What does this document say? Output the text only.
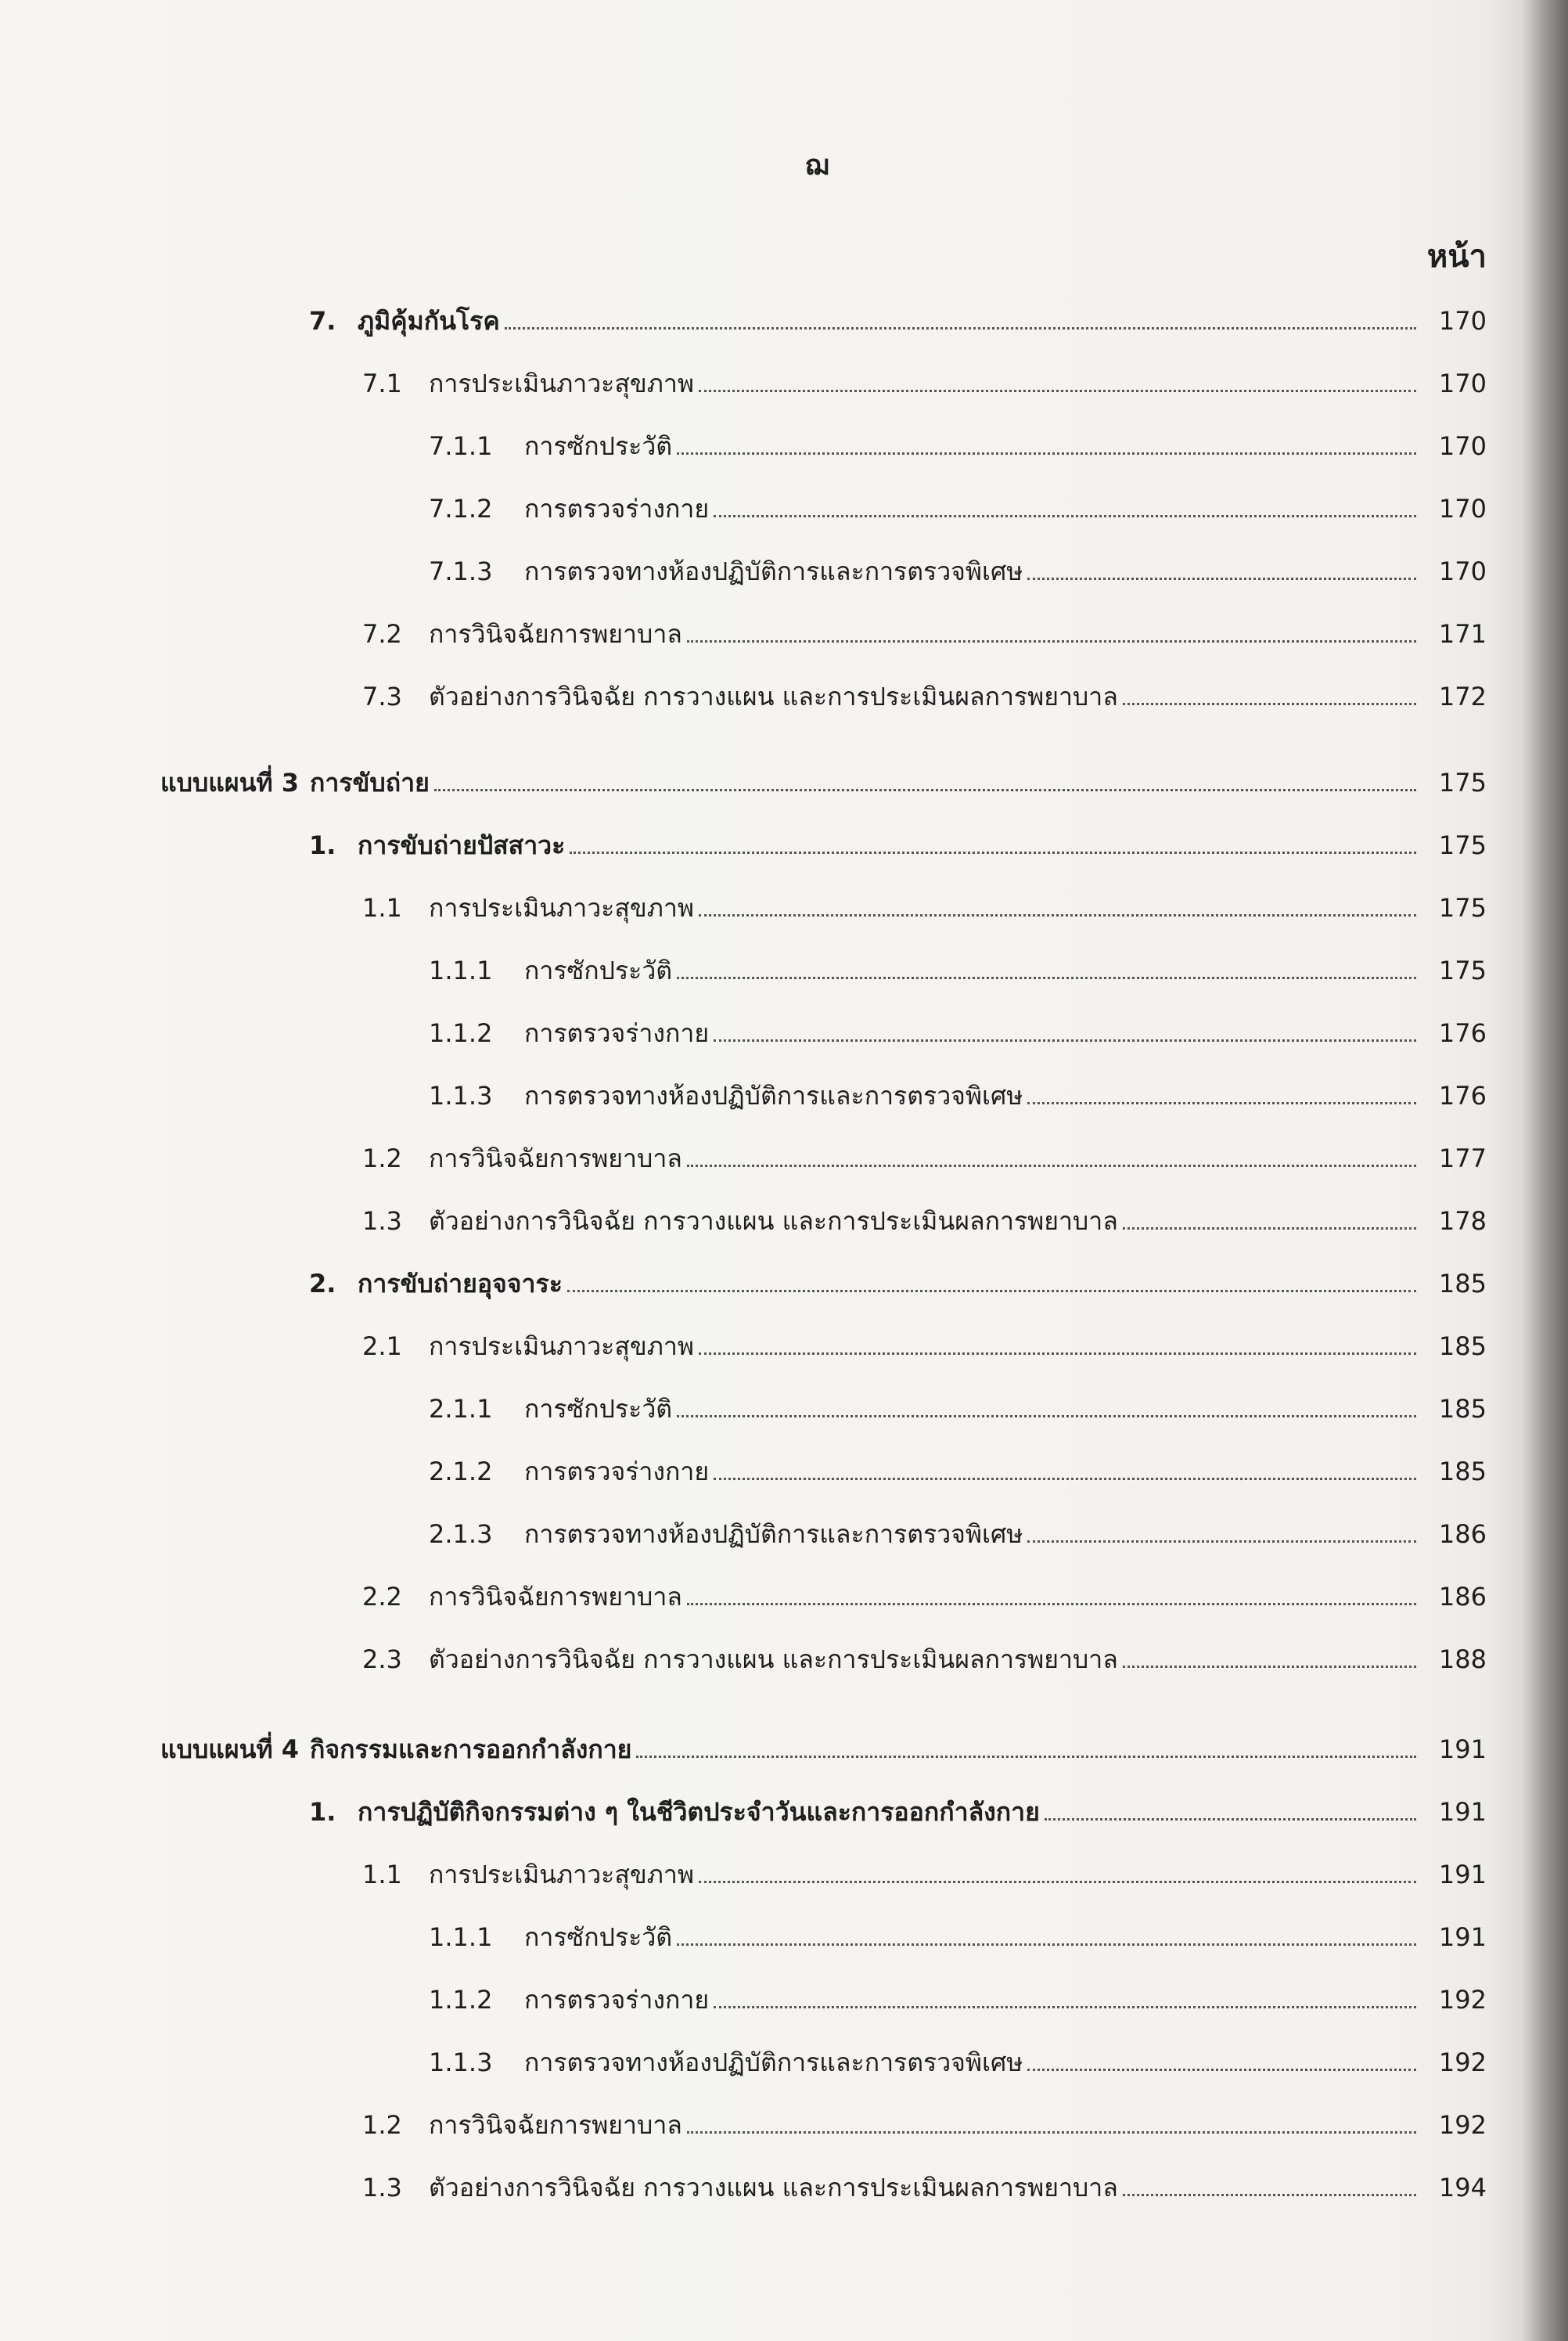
ฌ
หน้า
7. ภูมิคุ้มกันโรค	170
7.1	การประเมินภาวะสุขภาพ	170
7.1.1	การซักประวัติ	170
7.1.2	การตรวจร่างกาย	170
7.1.3	การตรวจทางห้องปฏิบัติการและการตรวจพิเศษ	170
7.2	การวินิจฉัยการพยาบาล	171
7.3	ตัวอย่างการวินิจฉัย การวางแผน และการประเมินผลการพยาบาล	172
แบบแผนที่ 3 การขับถ่าย	175
1. การขับถ่ายปัสสาวะ	175
1.1	การประเมินภาวะสุขภาพ	175
1.1.1	การซักประวัติ	175
1.1.2	การตรวจร่างกาย	176
1.1.3	การตรวจทางห้องปฏิบัติการและการตรวจพิเศษ	176
1.2	การวินิจฉัยการพยาบาล	177
1.3	ตัวอย่างการวินิจฉัย การวางแผน และการประเมินผลการพยาบาล	178
2. การขับถ่ายอุจจาระ	185
2.1	การประเมินภาวะสุขภาพ	185
2.1.1	การซักประวัติ	185
2.1.2	การตรวจร่างกาย	185
2.1.3	การตรวจทางห้องปฏิบัติการและการตรวจพิเศษ	186
2.2	การวินิจฉัยการพยาบาล	186
2.3	ตัวอย่างการวินิจฉัย การวางแผน และการประเมินผลการพยาบาล	188
แบบแผนที่ 4 กิจกรรมและการออกกำลังกาย	191
1. การปฏิบัติกิจกรรมต่าง ๆ ในชีวิตประจำวันและการออกกำลังกาย	191
1.1	การประเมินภาวะสุขภาพ	191
1.1.1	การซักประวัติ	191
1.1.2	การตรวจร่างกาย	192
1.1.3	การตรวจทางห้องปฏิบัติการและการตรวจพิเศษ	192
1.2	การวินิจฉัยการพยาบาล	192
1.3	ตัวอย่างการวินิจฉัย การวางแผน และการประเมินผลการพยาบาล	194
